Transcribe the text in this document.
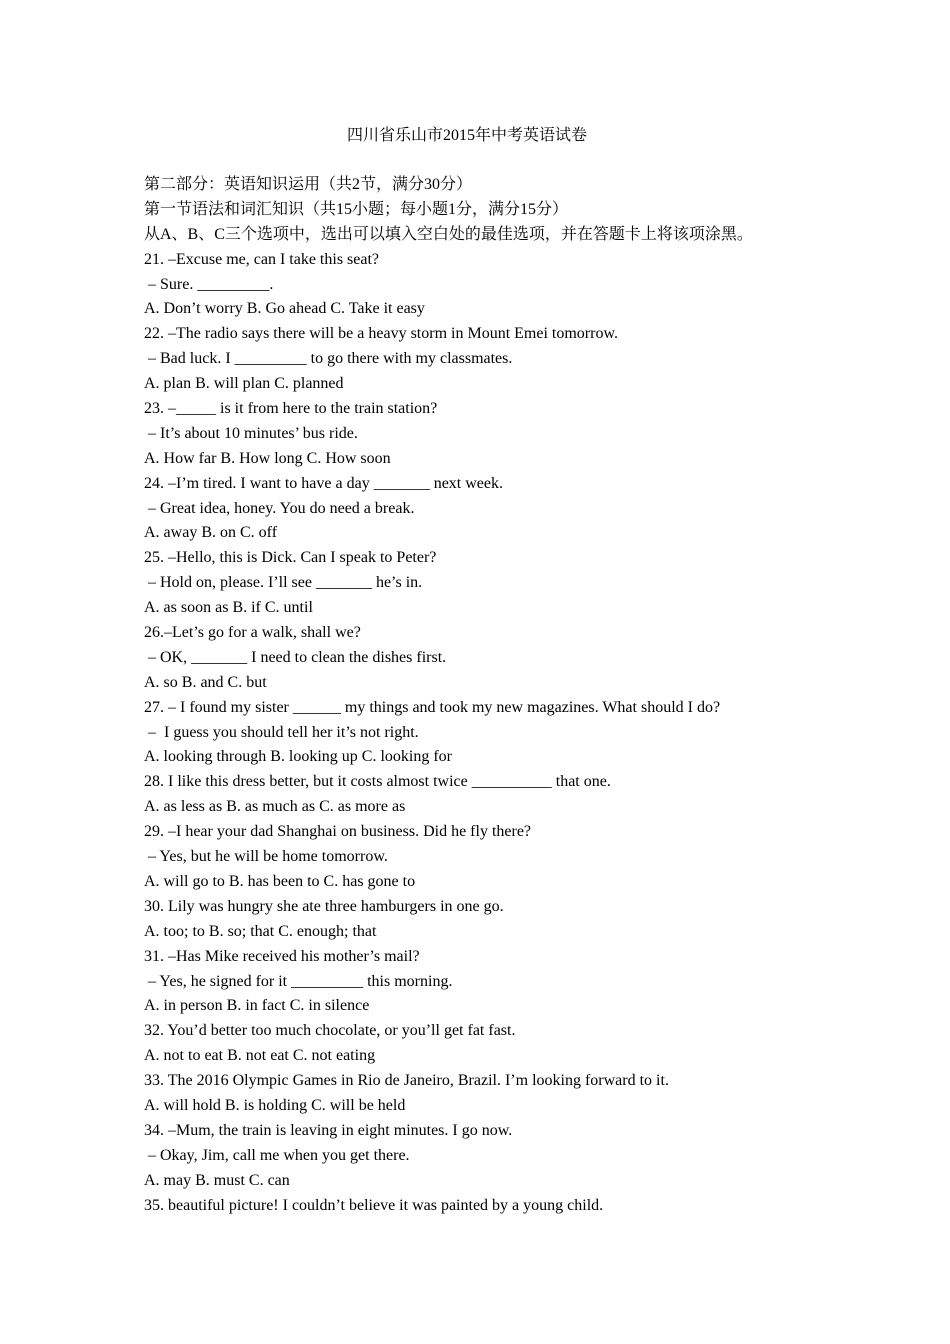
四川省乐山市2015年中考英语试卷
第二部分：英语知识运用（共2节，满分30分）
第一节语法和词汇知识（共15小题；每小题1分，满分15分）
从A、B、C三个选项中，选出可以填入空白处的最佳选项，并在答题卡上将该项涂黑。
21. –Excuse me, can I take this seat?
– Sure. _________.
A. Don’t worry B. Go ahead C. Take it easy
22. –The radio says there will be a heavy storm in Mount Emei tomorrow.
– Bad luck. I _________ to go there with my classmates.
A. plan B. will plan C. planned
23. –_____ is it from here to the train station?
– It’s about 10 minutes’ bus ride.
A. How far B. How long C. How soon
24. –I’m tired. I want to have a day _______ next week.
– Great idea, honey. You do need a break.
A. away B. on C. off
25. –Hello, this is Dick. Can I speak to Peter?
– Hold on, please. I’ll see _______ he’s in.
A. as soon as B. if C. until
26.–Let’s go for a walk, shall we?
– OK, _______ I need to clean the dishes first.
A. so B. and C. but
27. – I found my sister ______ my things and took my new magazines. What should I do?
–  I guess you should tell her it’s not right.
A. looking through B. looking up C. looking for
28. I like this dress better, but it costs almost twice __________ that one.
A. as less as B. as much as C. as more as
29. –I hear your dad Shanghai on business. Did he fly there?
– Yes, but he will be home tomorrow.
A. will go to B. has been to C. has gone to
30. Lily was hungry she ate three hamburgers in one go.
A. too; to B. so; that C. enough; that
31. –Has Mike received his mother’s mail?
– Yes, he signed for it _________ this morning.
A. in person B. in fact C. in silence
32. You’d better too much chocolate, or you’ll get fat fast.
A. not to eat B. not eat C. not eating
33. The 2016 Olympic Games in Rio de Janeiro, Brazil. I’m looking forward to it.
A. will hold B. is holding C. will be held
34. –Mum, the train is leaving in eight minutes. I go now.
– Okay, Jim, call me when you get there.
A. may B. must C. can
35. beautiful picture! I couldn’t believe it was painted by a young child.
